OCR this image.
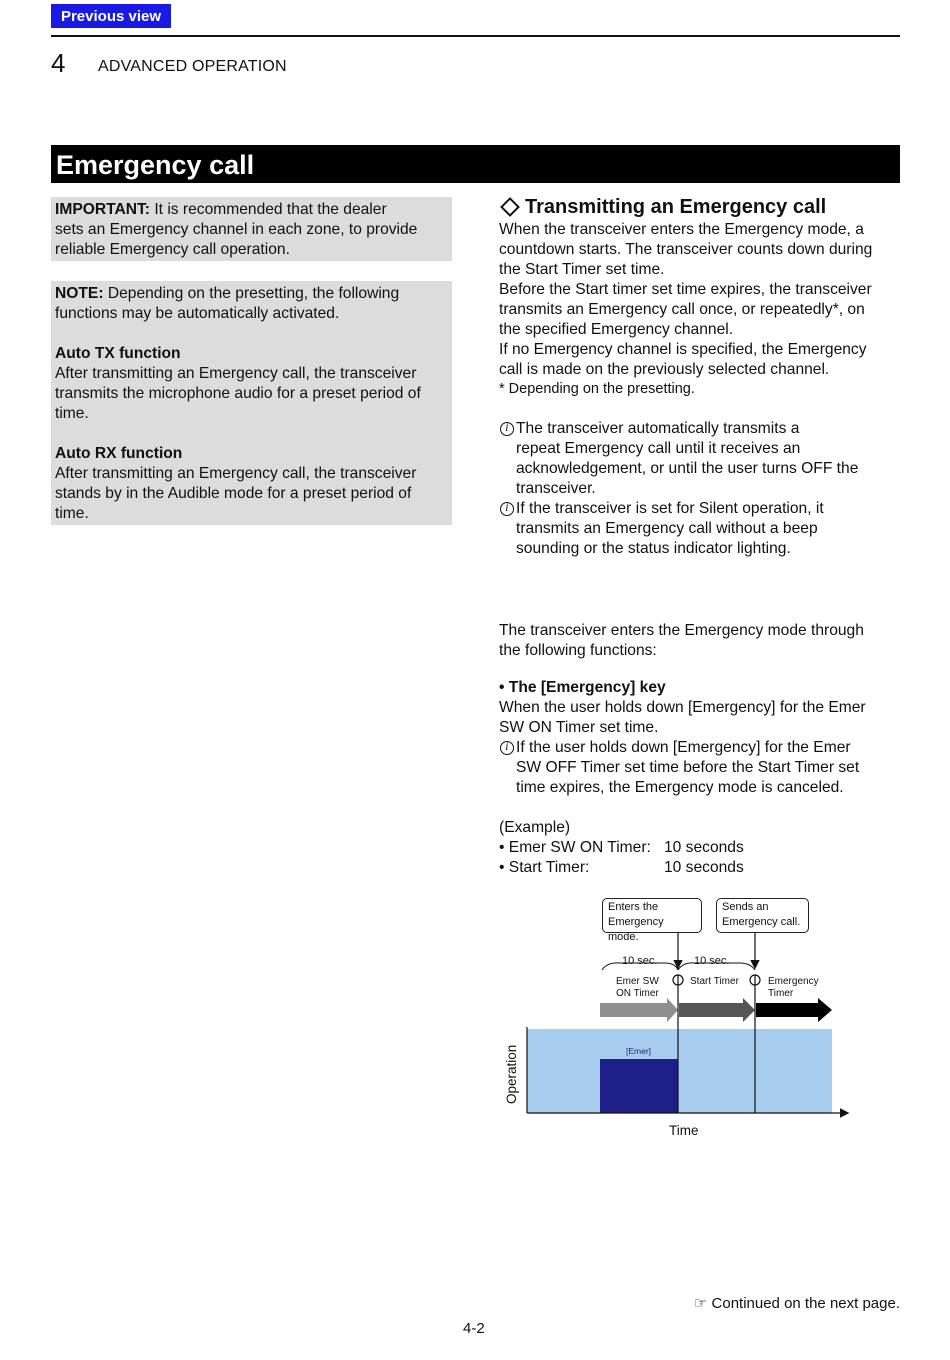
Previous view
4 ADVANCED OPERATION
Emergency call

IMPORTANT: It is recommended that the dealer

sets an Emergency channel in each zone, to provide

reliable Emergency call operation.

NOTE: Depending on the presetting, the following

functions may be automatically activated.

Auto TX function

After transmitting an Emergency call, the transceiver

transmits the microphone audio for a preset period of

time.

Auto RX function

After transmitting an Emergency call, the transceiver

stands by in the Audible mode for a preset period of

time.

Transmitting an Emergency call

When the transceiver enters the Emergency mode, a

countdown starts. The transceiver counts down during

the Start Timer set time.

Before the Start timer set time expires, the transceiver

transmits an Emergency call once, or repeatedly*, on

the specified Emergency channel.

If no Emergency channel is specified, the Emergency

call is made on the previously selected channel.

* Depending on the presetting.

i The transceiver automatically transmits a

repeat Emergency call until it receives an

acknowledgement, or until the user turns OFF the

transceiver.

i If the transceiver is set for Silent operation, it

transmits an Emergency call without a beep

sounding or the status indicator lighting.

The transceiver enters the Emergency mode through

the following functions:

• The [Emergency] key

When the user holds down [Emergency] for the Emer

SW ON Timer set time.

i If the user holds down [Emergency] for the Emer

SW OFF Timer set time before the Start Timer set

time expires, the Emergency mode is canceled.

(Example)

• Emer SW ON Timer: 10 seconds
• Start Timer:	10 seconds
Enters the
Emergency mode.
Sends an
Emergency call.
10 sec.	10 sec.
Emer SW
ON Timer
Start Timer	Emergency
Timer
[Emer]
Time
Operation
☞ Continued on the next page.
4-2
